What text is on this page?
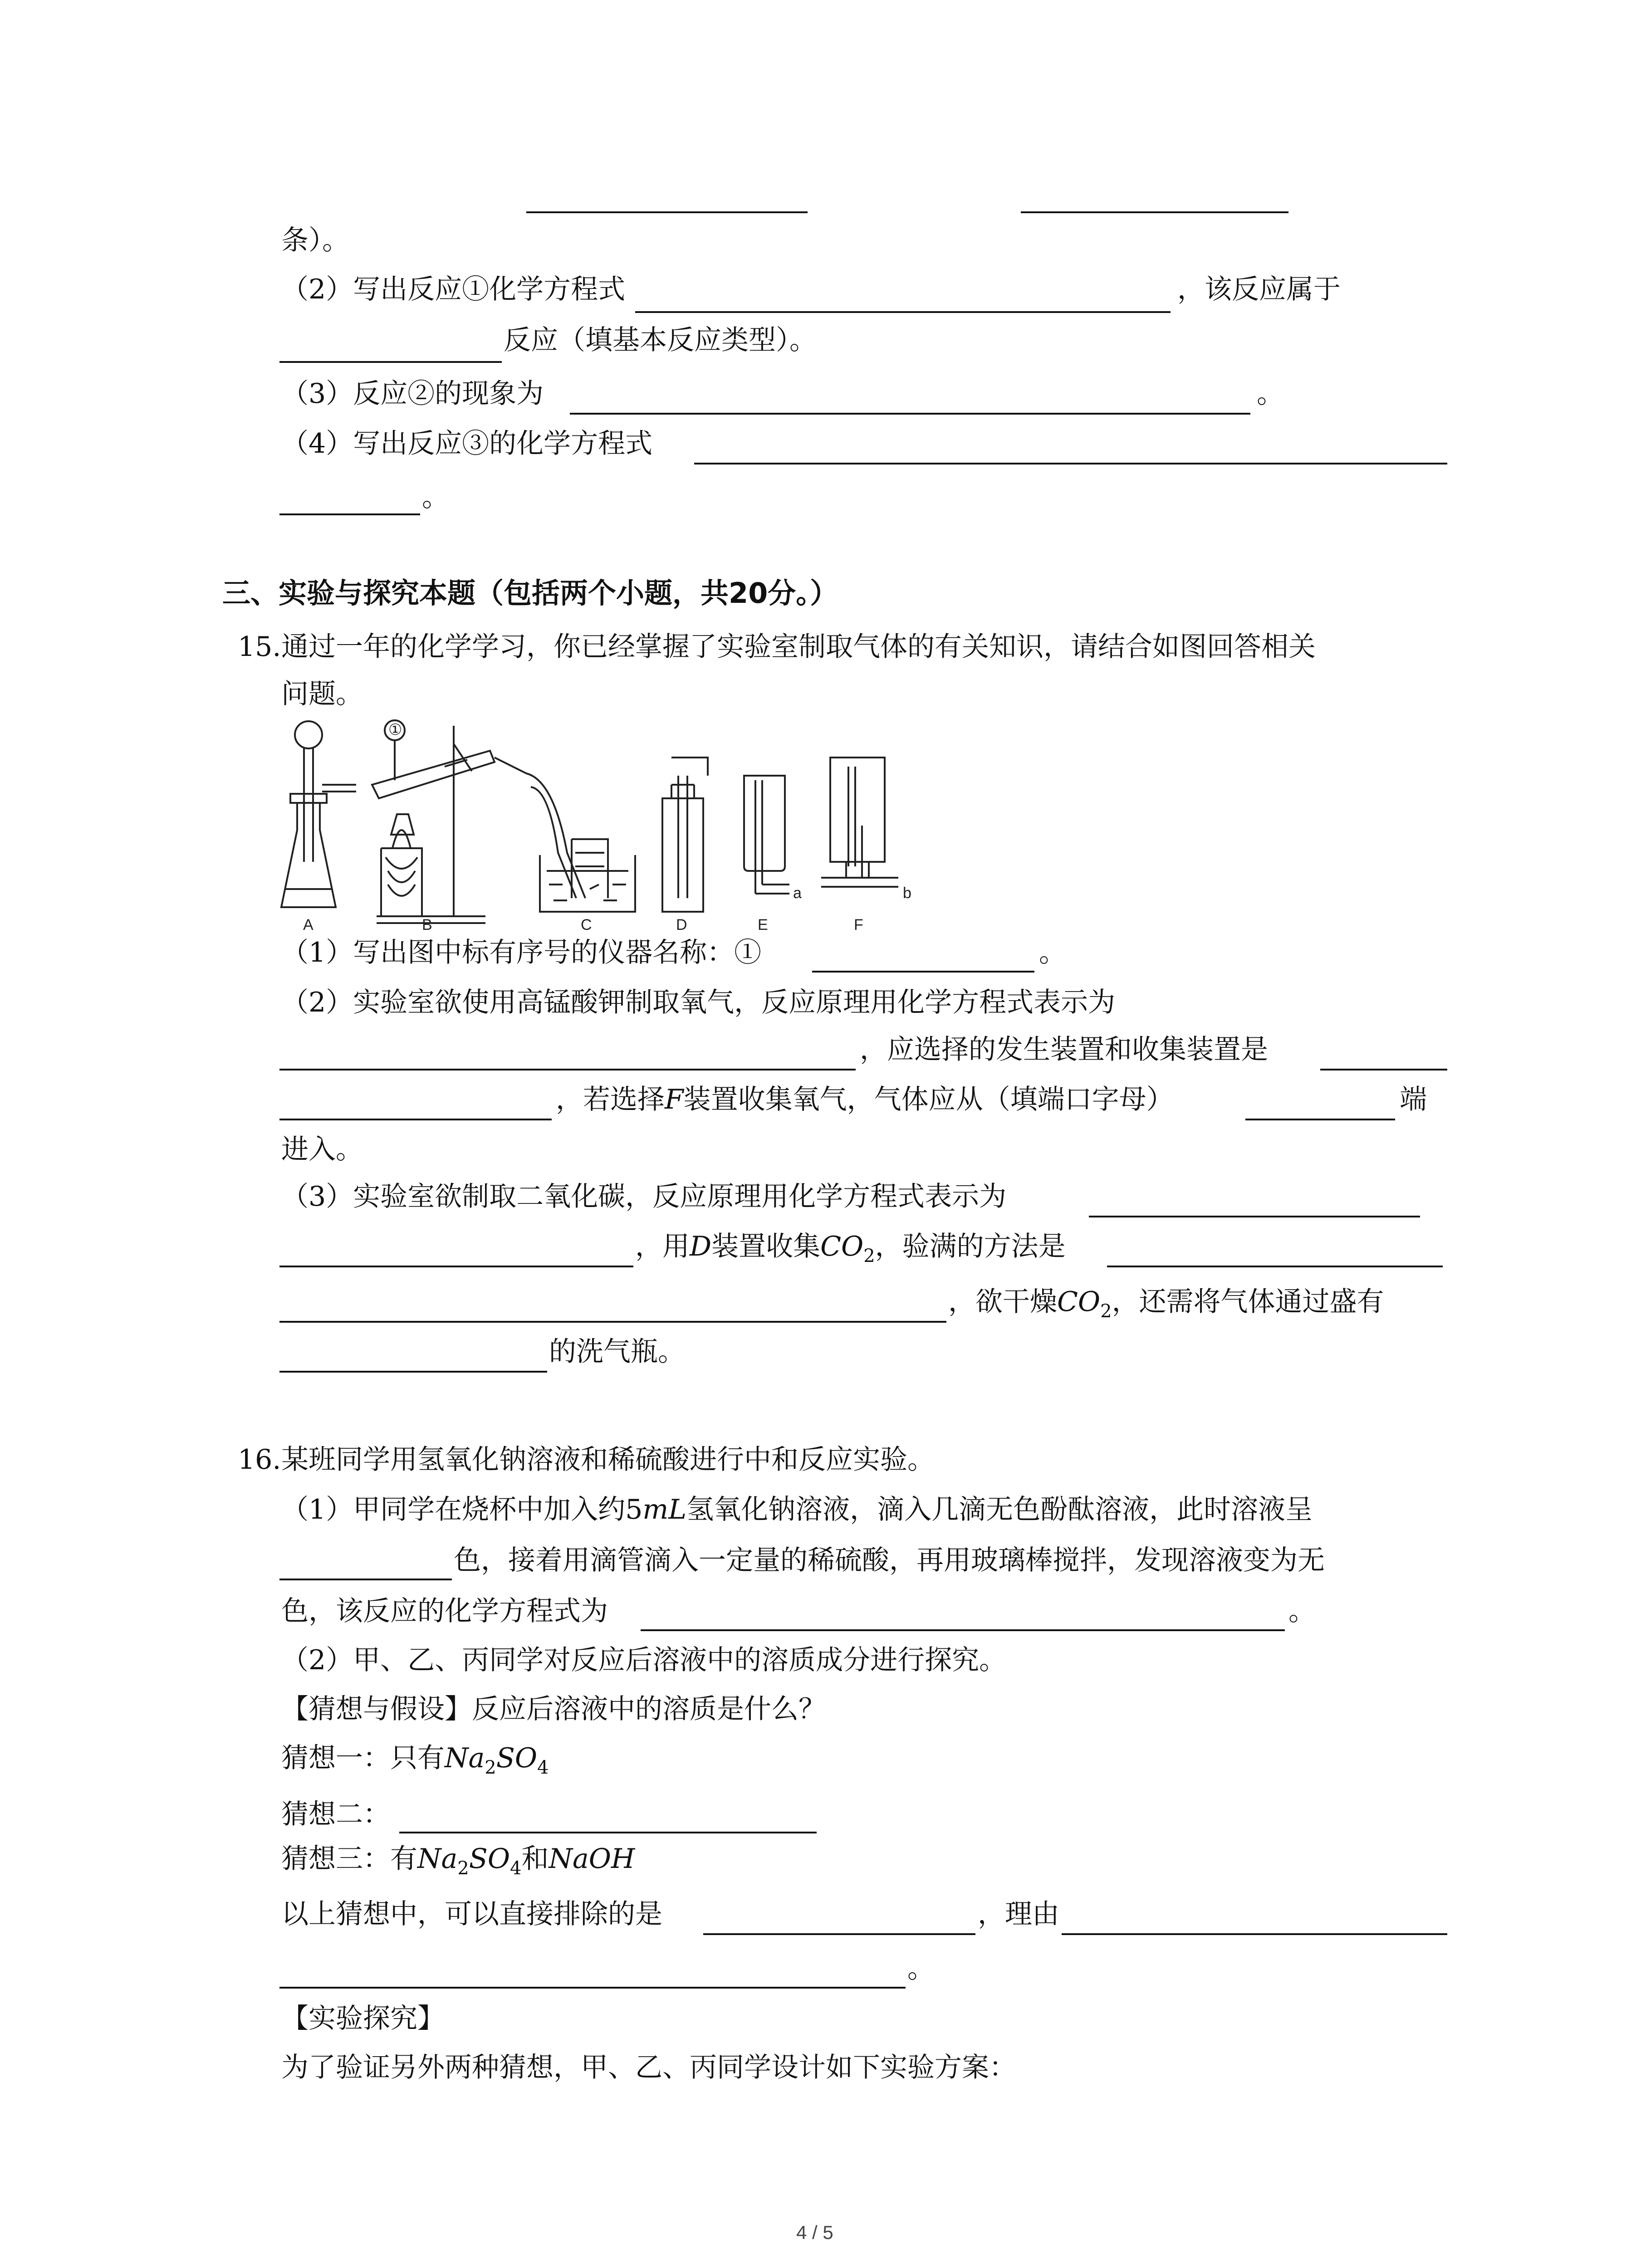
条）。
（2）写出反应①化学方程式	，该反应属于
反应（填基本反应类型）。
（3）反应②的现象为	。
（4）写出反应③的化学方程式
。
三、实验与探究本题（包括两个小题，共20分。）
15. 通过一年的化学学习，你已经掌握了实验室制取气体的有关知识，请结合如图回答相关
问题。
①
a	b
A	B	C	D	E	F
（1）写出图中标有序号的仪器名称：①	。
（2）实验室欲使用高锰酸钾制取氧气，反应原理用化学方程式表示为
，应选择的发生装置和收集装置是
，若选择F装置收集氧气，气体应从（填端口字母）	端
进入。
（3）实验室欲制取二氧化碳，反应原理用化学方程式表示为
，用D装置收集$CO_2$，验满的方法是
，欲干燥$CO_2$，还需将气体通过盛有
的洗气瓶。
16. 某班同学用氢氧化钠溶液和稀硫酸进行中和反应实验。
（1）甲同学在烧杯中加入约5mL氢氧化钠溶液，滴入几滴无色酚酞溶液，此时溶液呈
色，接着用滴管滴入一定量的稀硫酸，再用玻璃棒搅拌，发现溶液变为无
色，该反应的化学方程式为	。
（2）甲、乙、丙同学对反应后溶液中的溶质成分进行探究。
【猜想与假设】反应后溶液中的溶质是什么？
猜想一：只有$Na_2SO_4$
猜想二：
猜想三：有$Na_2SO_4$和NaOH
以上猜想中，可以直接排除的是	，理由
。
【实验探究】
为了验证另外两种猜想，甲、乙、丙同学设计如下实验方案：
4 / 5
